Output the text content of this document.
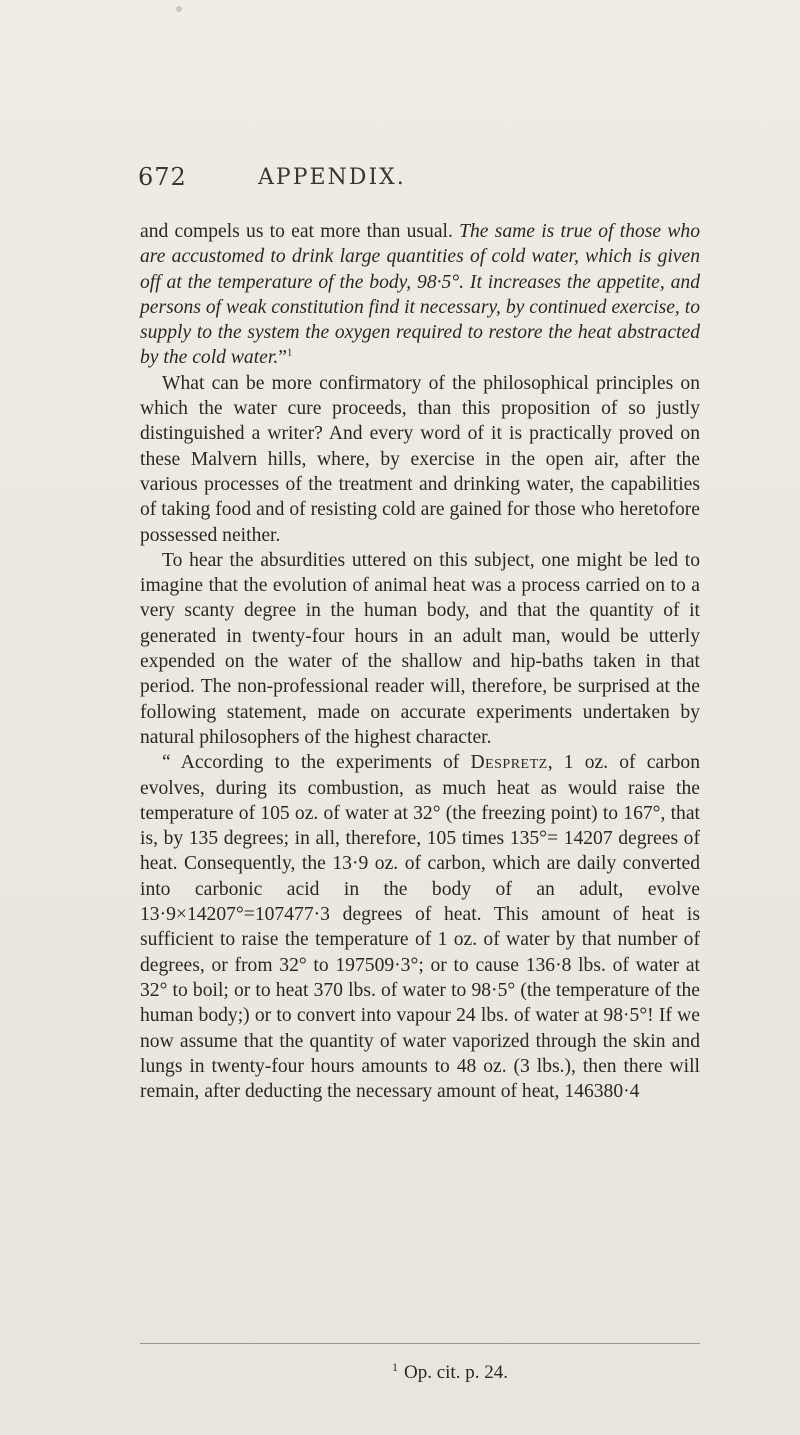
672	APPENDIX.

and compels us to eat more than usual. The same is true of those who are accustomed to drink large quantities of cold water, which is given off at the temperature of the body, 98·5°. It increases the appetite, and persons of weak constitution find it necessary, by continued exercise, to supply to the system the oxygen required to restore the heat abstracted by the cold water.”$^1$

What can be more confirmatory of the philosophical principles on which the water cure proceeds, than this proposition of so justly distinguished a writer? And every word of it is practically proved on these Malvern hills, where, by exercise in the open air, after the various processes of the treatment and drinking water, the capabilities of taking food and of resisting cold are gained for those who heretofore possessed neither.

To hear the absurdities uttered on this subject, one might be led to imagine that the evolution of animal heat was a process carried on to a very scanty degree in the human body, and that the quantity of it generated in twenty-four hours in an adult man, would be utterly expended on the water of the shallow and hip-baths taken in that period. The non-professional reader will, therefore, be surprised at the following statement, made on accurate experiments undertaken by natural philosophers of the highest character.

“ According to the experiments of Despretz, 1 oz. of carbon evolves, during its combustion, as much heat as would raise the temperature of 105 oz. of water at 32° (the freezing point) to 167°, that is, by 135 degrees; in all, therefore, 105 times 135°= 14207 degrees of heat. Consequently, the 13·9 oz. of carbon, which are daily converted into carbonic acid in the body of an adult, evolve 13·9×14207°=107477·3 degrees of heat. This amount of heat is sufficient to raise the temperature of 1 oz. of water by that number of degrees, or from 32° to 197509·3°; or to cause 136·8 lbs. of water at 32° to boil; or to heat 370 lbs. of water to 98·5° (the temperature of the human body;) or to convert into vapour 24 lbs. of water at 98·5°! If we now assume that the quantity of water vaporized through the skin and lungs in twenty-four hours amounts to 48 oz. (3 lbs.), then there will remain, after deducting the necessary amount of heat, 146380·4

$^1$ Op. cit. p. 24.
